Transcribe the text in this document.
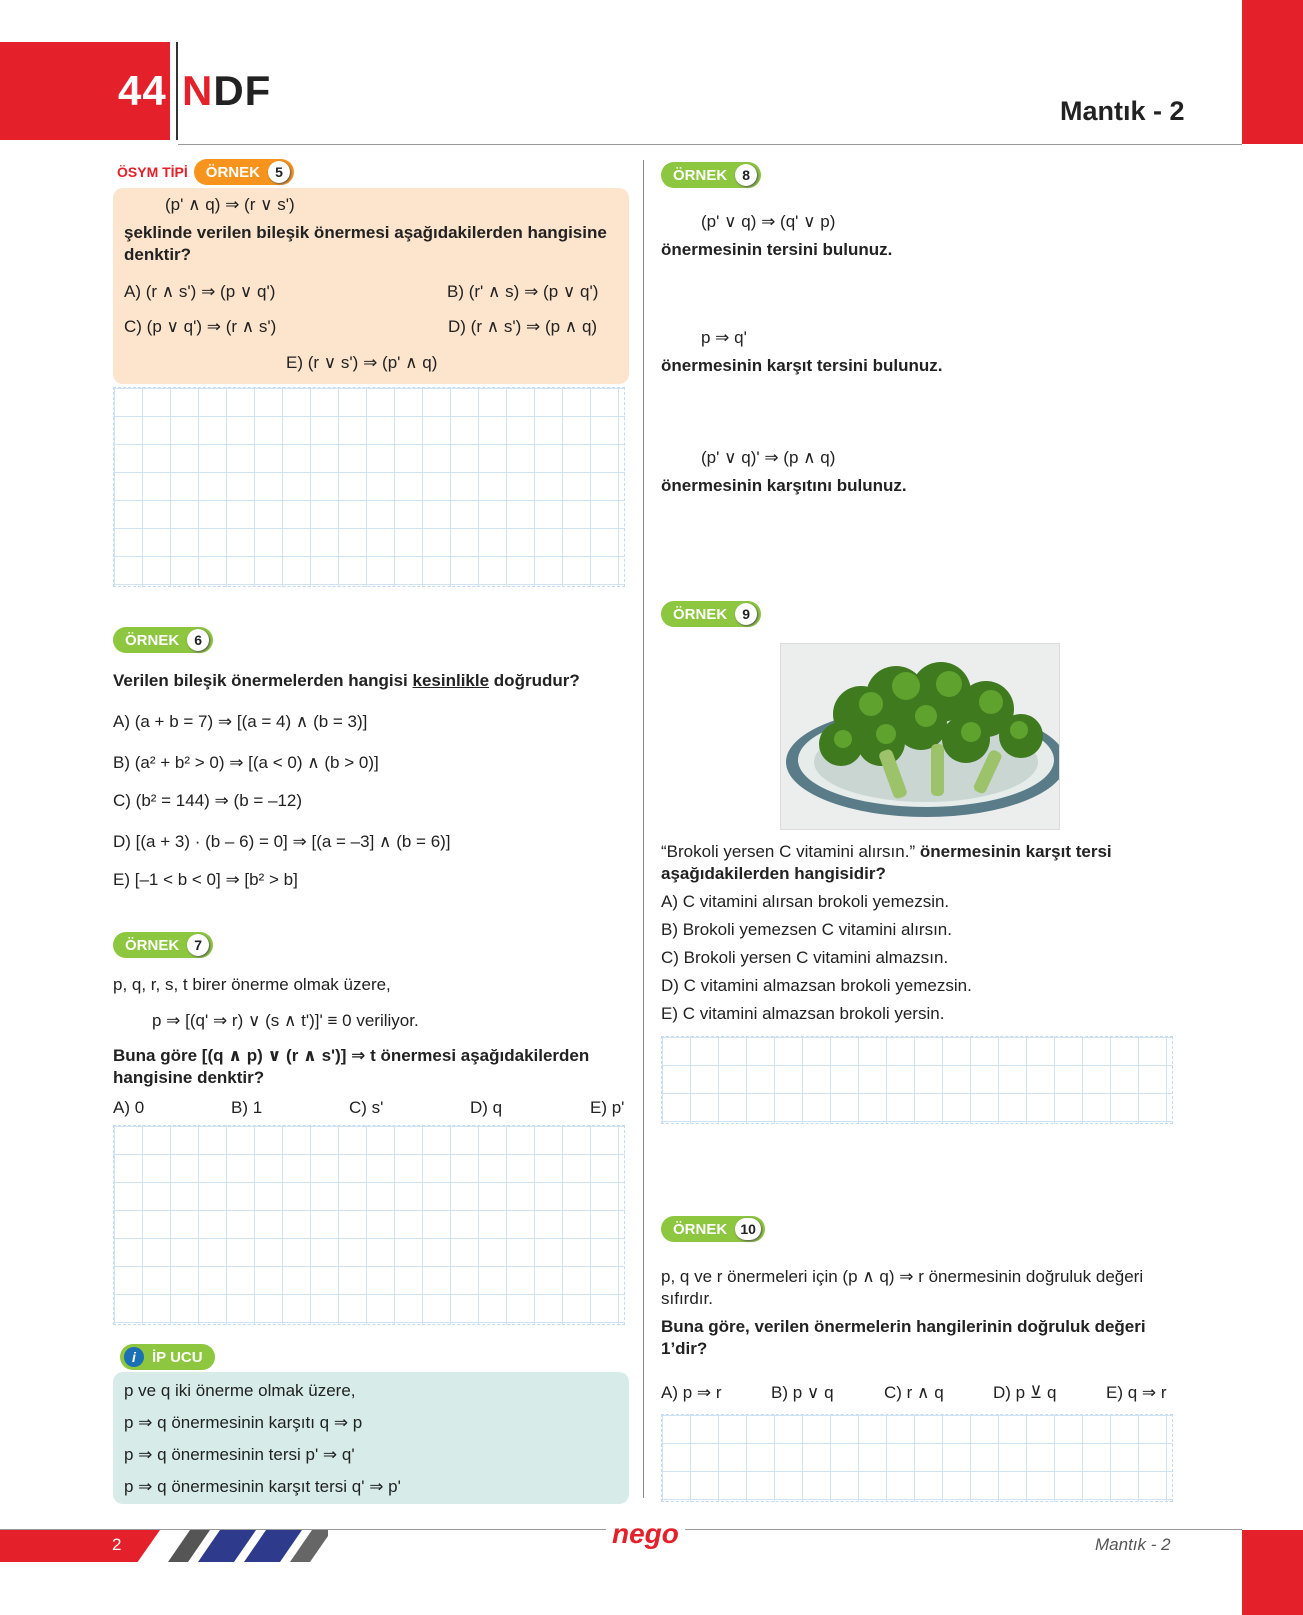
44 NDF	Mantık - 2
ÖSYM TİPİ ÖRNEK	5
(p' ∧ q) ⇒ (r ∨ s')
şeklinde verilen bileşik önermesi aşağıdakilerden hangisine denktir?
A) (r ∧ s') ⇒ (p ∨ q')	B) (r' ∧ s) ⇒ (p ∨ q')
C) (p ∨ q') ⇒ (r ∧ s')	D) (r ∧ s') ⇒ (p ∧ q)
E) (r ∨ s') ⇒ (p' ∧ q)
ÖRNEK	6
Verilen bileşik önermelerden hangisi kesinlikle doğrudur?
A) (a + b = 7) ⇒ [(a = 4) ∧ (b = 3)]
B) (a² + b² > 0) ⇒ [(a < 0) ∧ (b > 0)]
C) (b² = 144) ⇒ (b = –12)
D) [(a + 3) · (b – 6) = 0] ⇒ [(a = –3] ∧ (b = 6)]
E) [–1 < b < 0] ⇒ [b² > b]
ÖRNEK	7
p, q, r, s, t birer önerme olmak üzere,
p ⇒ [(q' ⇒ r) ∨ (s ∧ t')]' ≡ 0 veriliyor.
Buna göre [(q ∧ p) ∨ (r ∧ s')] ⇒ t önermesi aşağıdakilerden hangisine denktir?
A) 0	B) 1	C) s'	D) q	E) p'
i	İP UCU
p ve q iki önerme olmak üzere,
p ⇒ q önermesinin karşıtı q ⇒ p
p ⇒ q önermesinin tersi p' ⇒ q'
p ⇒ q önermesinin karşıt tersi q' ⇒ p'
ÖRNEK	8
(p' ∨ q) ⇒ (q' ∨ p)
önermesinin tersini bulunuz.
p ⇒ q'
önermesinin karşıt tersini bulunuz.
(p' ∨ q)' ⇒ (p ∧ q)
önermesinin karşıtını bulunuz.
ÖRNEK	9
“Brokoli yersen C vitamini alırsın.” önermesinin karşıt tersi aşağıdakilerden hangisidir?
A) C vitamini alırsan brokoli yemezsin.
B) Brokoli yemezsen C vitamini alırsın.
C) Brokoli yersen C vitamini almazsın.
D) C vitamini almazsan brokoli yemezsin.
E) C vitamini almazsan brokoli yersin.
ÖRNEK 10
p, q ve r önermeleri için (p ∧ q) ⇒ r önermesinin doğruluk değeri sıfırdır.
Buna göre, verilen önermelerin hangilerinin doğruluk değeri 1’dir?
A) p ⇒ r	B) p ∨ q	C) r ∧ q	D) p ⊻ q	E) q ⇒ r
2	nego	Mantık - 2
